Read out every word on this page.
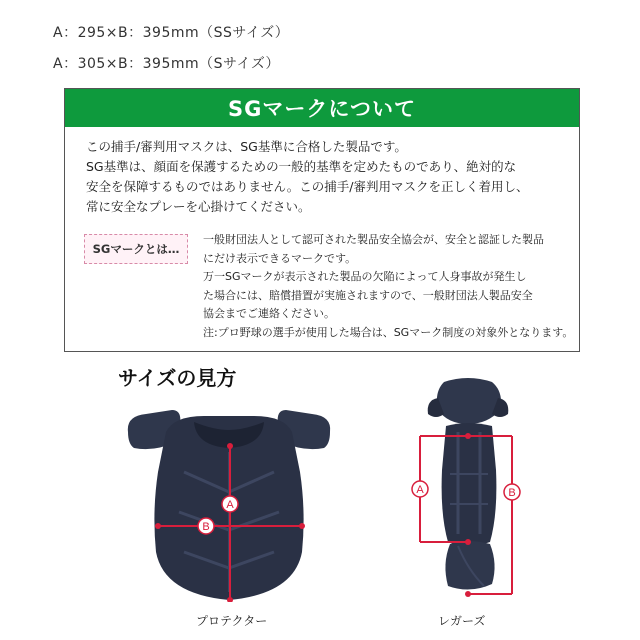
A：295×B：395mm（SSサイズ）
A：305×B：395mm（Sサイズ）
SGマークについて
この捕手/審判用マスクは、SG基準に合格した製品です。
SG基準は、顔面を保護するための一般的基準を定めたものであり、絶対的な
安全を保障するものではありません。この捕手/審判用マスクを正しく着用し、
常に安全なプレーを心掛けてください。
SGマークとは…
一般財団法人として認可された製品安全協会が、安全と認証した製品
にだけ表示できるマークです。
万一SGマークが表示された製品の欠陥によって人身事故が発生し
た場合には、賠償措置が実施されますので、一般財団法人製品安全
協会までご連絡ください。
注:プロ野球の選手が使用した場合は、SGマーク制度の対象外となります。
サイズの見方
A
B
プロテクター
A	B
レガーズ
